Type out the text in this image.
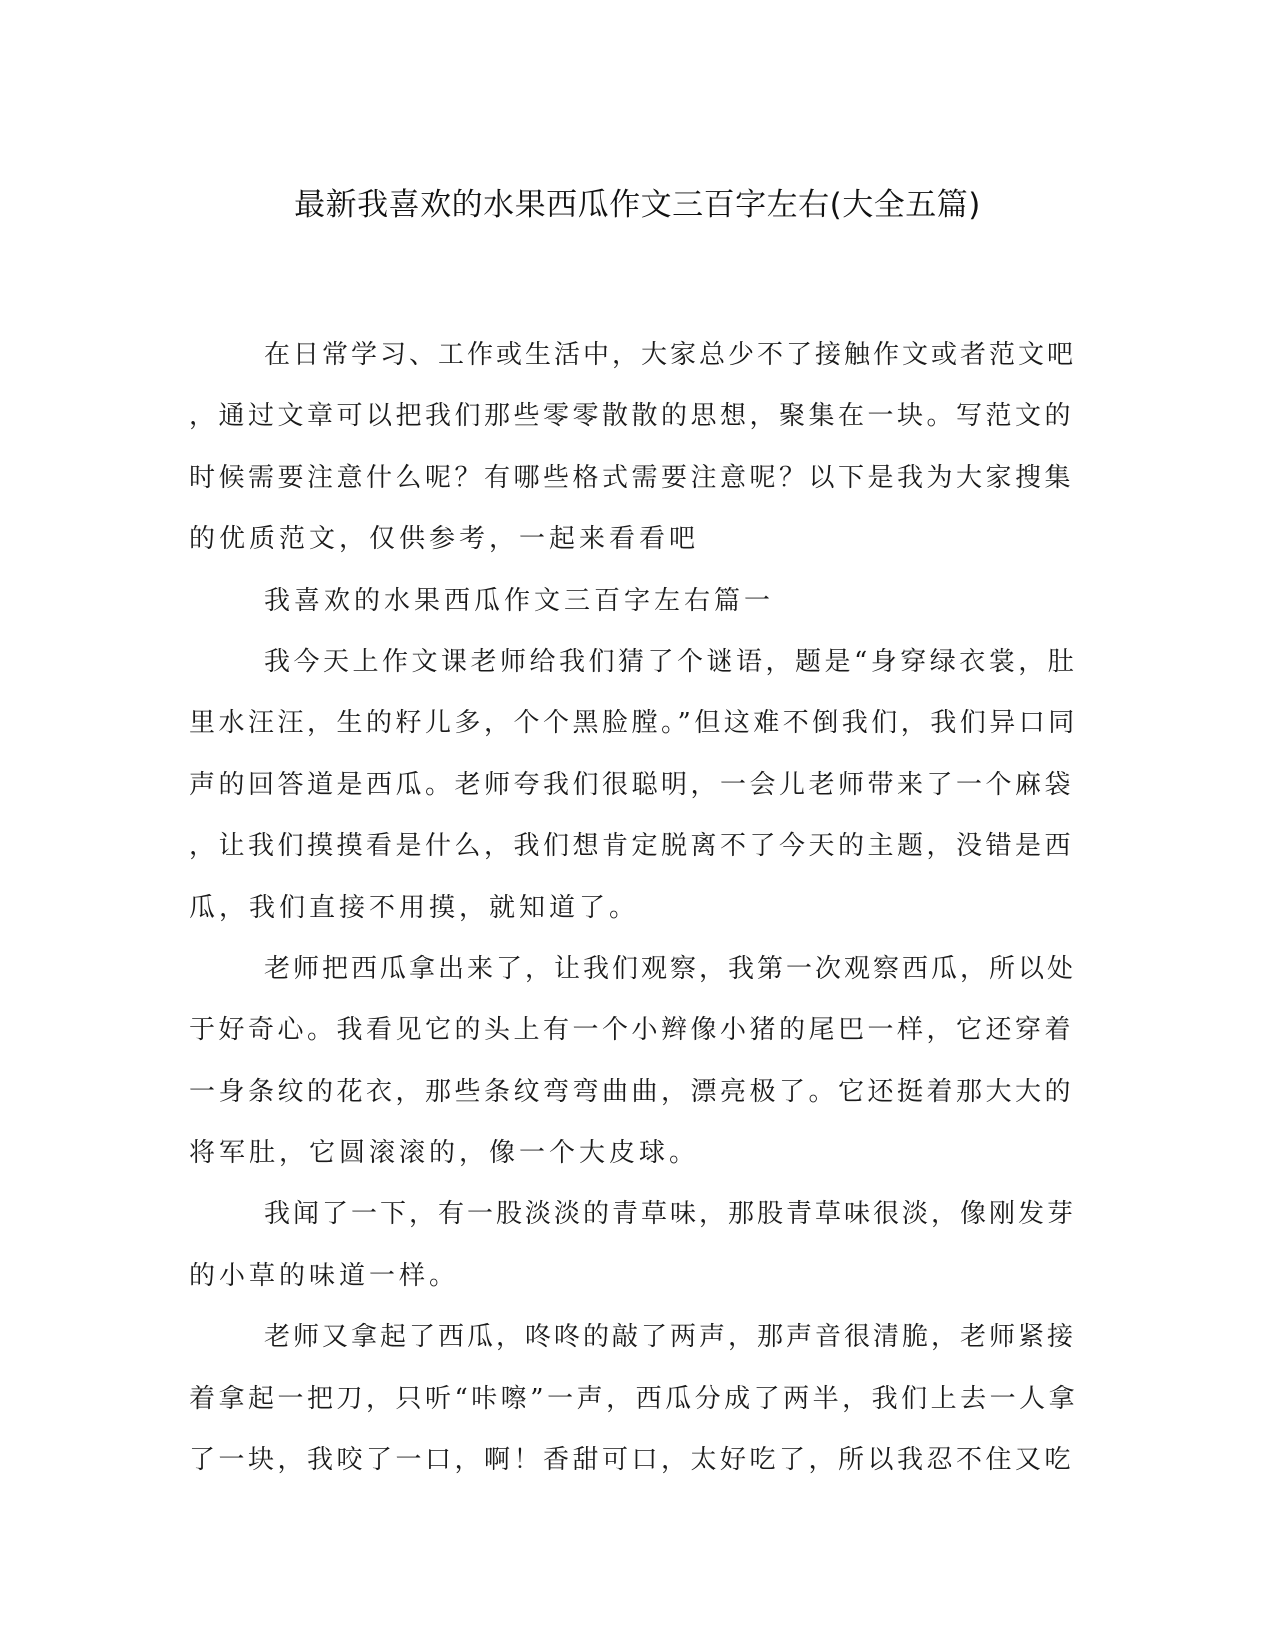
最新我喜欢的水果西瓜作文三百字左右(大全五篇)
在日常学习、工作或生活中，大家总少不了接触作文或者范文吧
，通过文章可以把我们那些零零散散的思想，聚集在一块。写范文的
时候需要注意什么呢？有哪些格式需要注意呢？以下是我为大家搜集
的优质范文，仅供参考，一起来看看吧
我喜欢的水果西瓜作文三百字左右篇一
我今天上作文课老师给我们猜了个谜语，题是“身穿绿衣裳，肚
里水汪汪，生的籽儿多，个个黑脸膛。”但这难不倒我们，我们异口同
声的回答道是西瓜。老师夸我们很聪明，一会儿老师带来了一个麻袋
，让我们摸摸看是什么，我们想肯定脱离不了今天的主题，没错是西
瓜，我们直接不用摸，就知道了。
老师把西瓜拿出来了，让我们观察，我第一次观察西瓜，所以处
于好奇心。我看见它的头上有一个小辫像小猪的尾巴一样，它还穿着
一身条纹的花衣，那些条纹弯弯曲曲，漂亮极了。它还挺着那大大的
将军肚，它圆滚滚的，像一个大皮球。
我闻了一下，有一股淡淡的青草味，那股青草味很淡，像刚发芽
的小草的味道一样。
老师又拿起了西瓜，咚咚的敲了两声，那声音很清脆，老师紧接
着拿起一把刀，只听“咔嚓”一声，西瓜分成了两半，我们上去一人拿
了一块，我咬了一口，啊！香甜可口，太好吃了，所以我忍不住又吃
